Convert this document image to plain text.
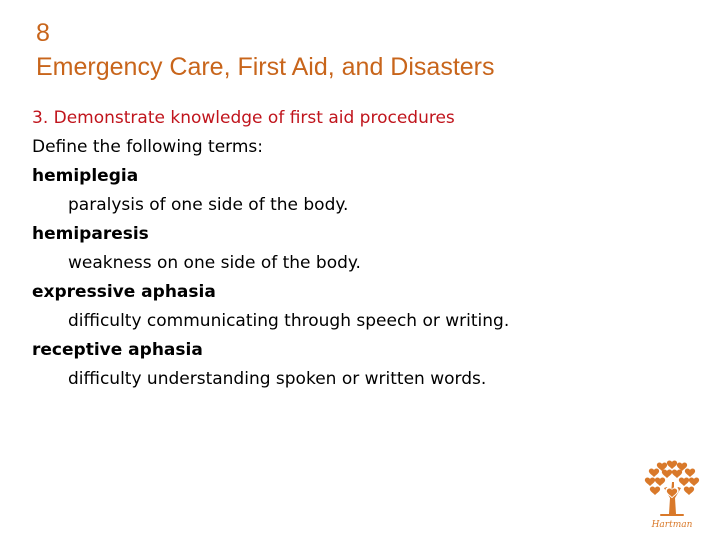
8
Emergency Care, First Aid, and Disasters
3. Demonstrate knowledge of first aid procedures
Define the following terms:
hemiplegia
paralysis of one side of the body.
hemiparesis
weakness on one side of the body.
expressive aphasia
difficulty communicating through speech or writing.
receptive aphasia
difficulty understanding spoken or written words.
Hartman
